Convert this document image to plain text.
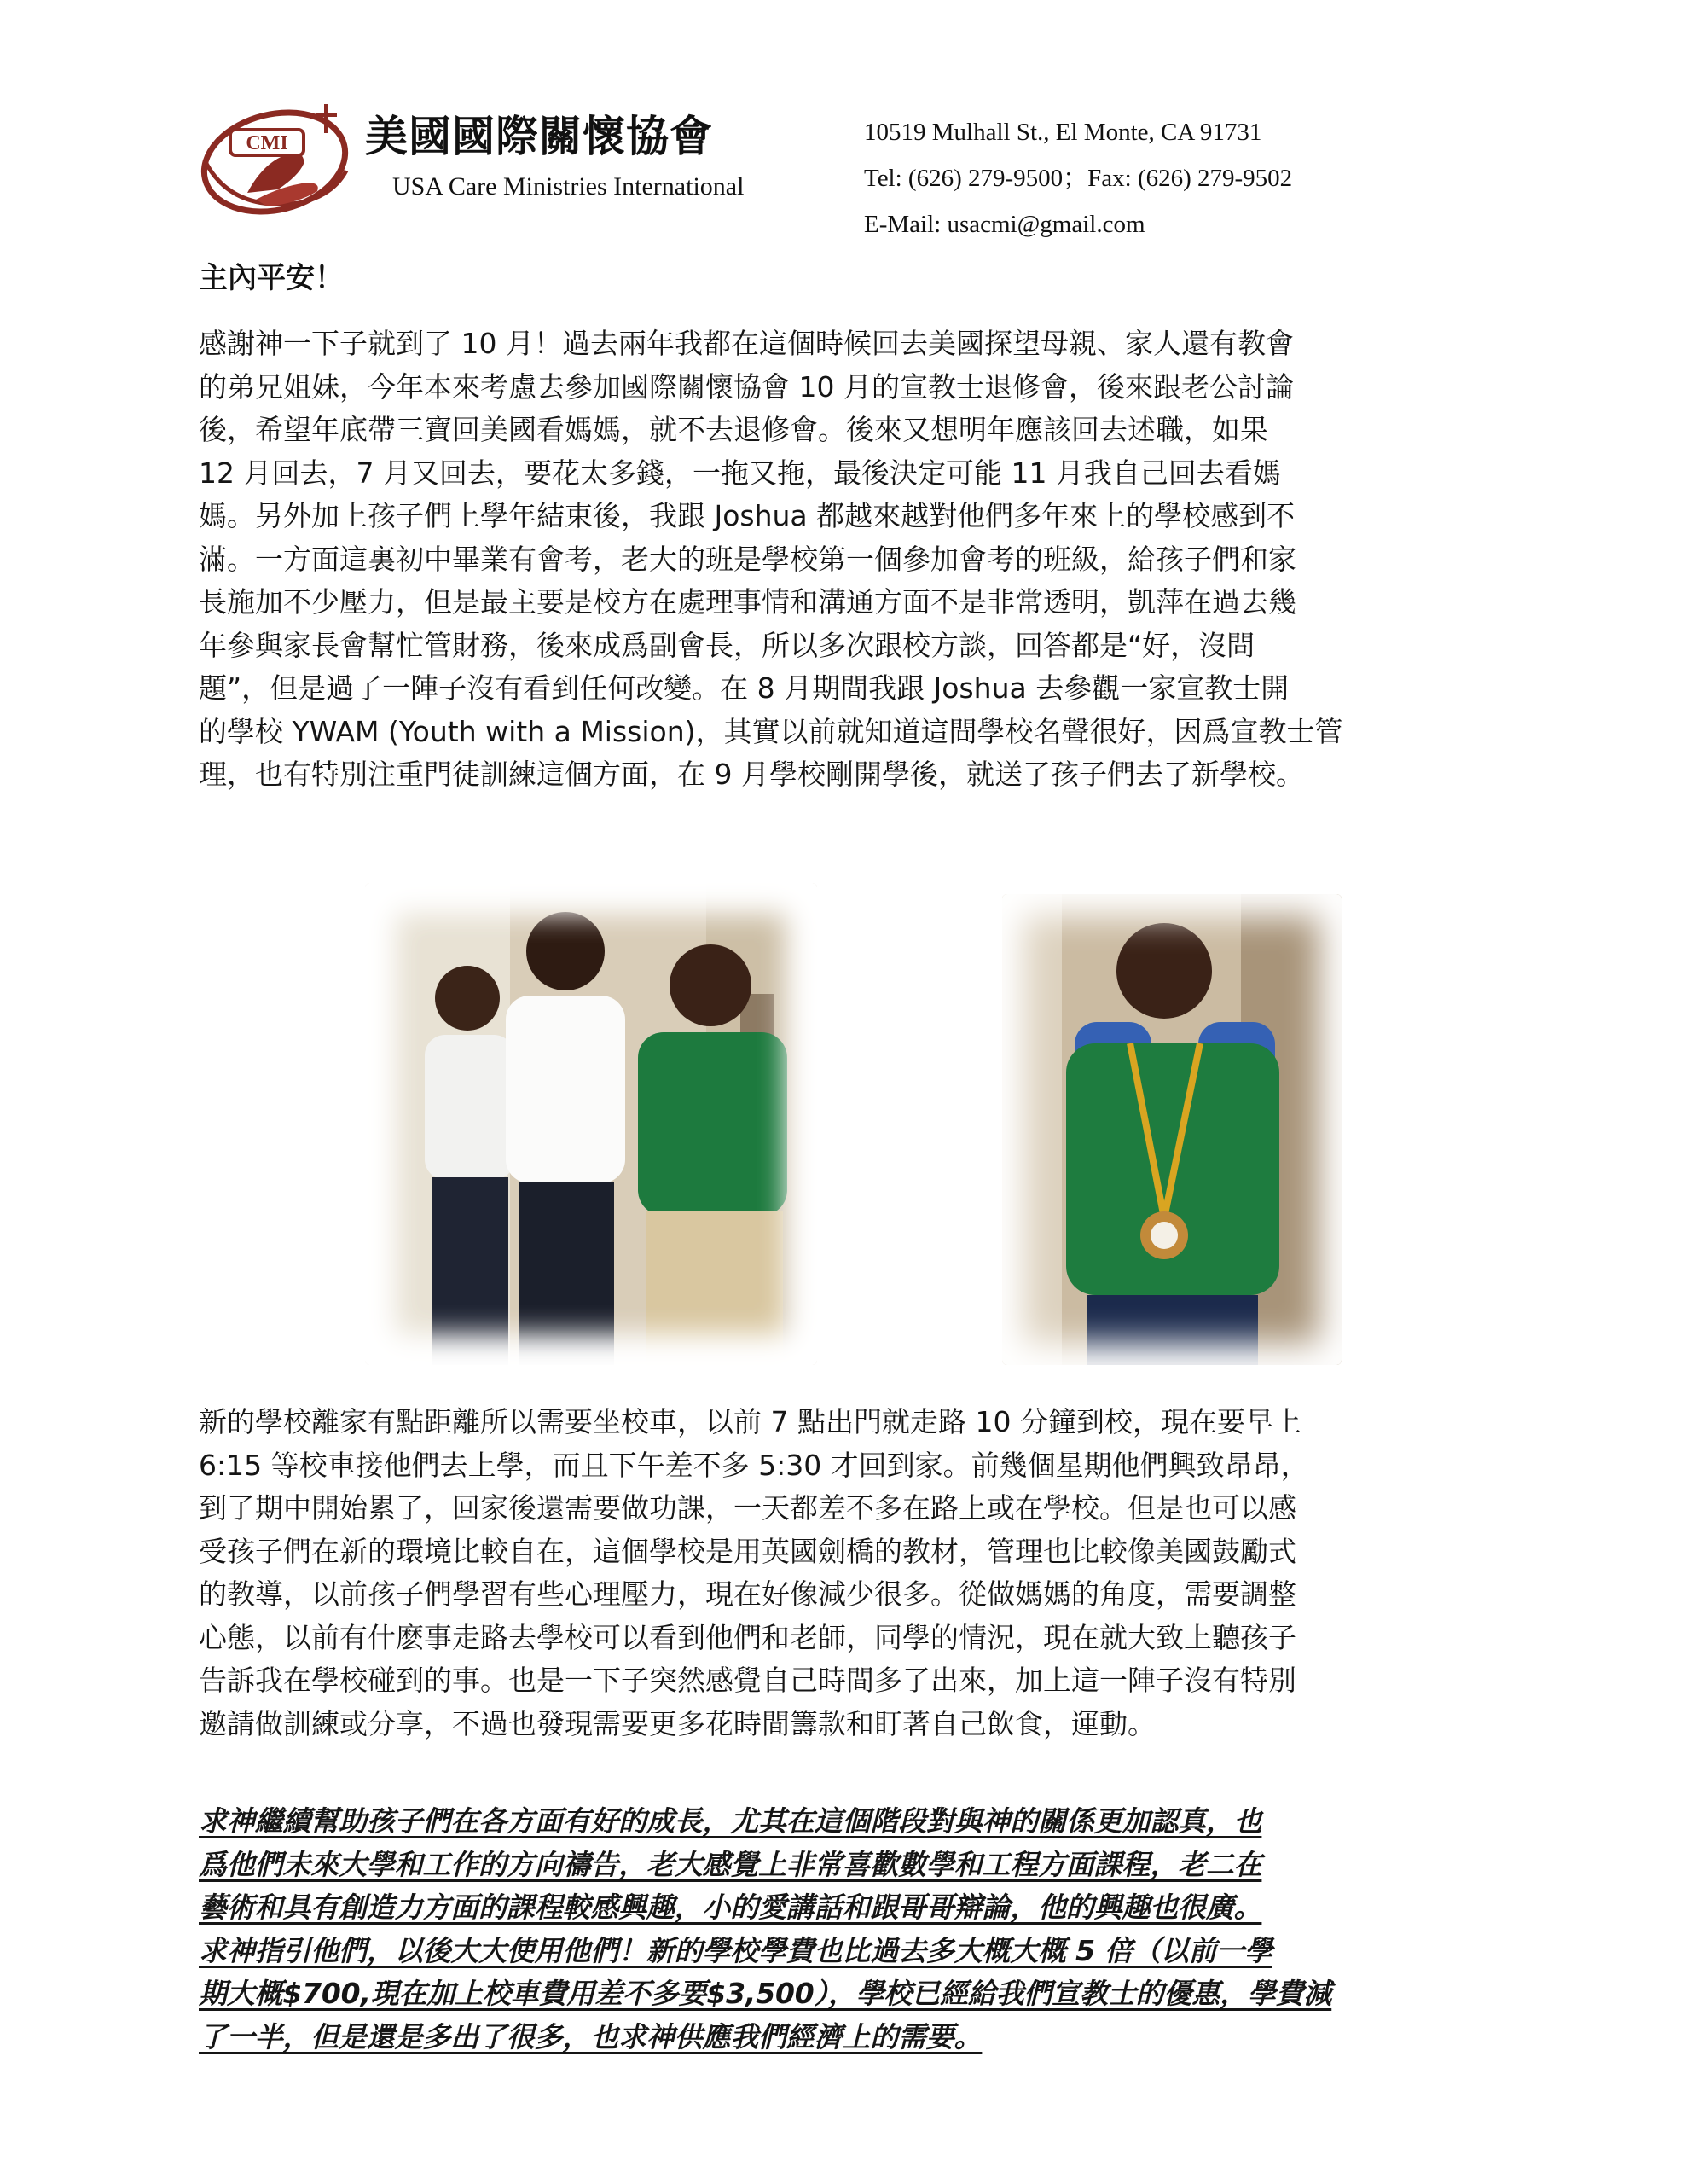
CMI 美國國際關懷協會
USA Care Ministries International
10519 Mulhall St., El Monte, CA 91731
Tel: (626) 279-9500；Fax: (626) 279-9502
E-Mail: usacmi@gmail.com
主內平安！
感謝神一下子就到了 10 月！過去兩年我都在這個時候回去美國探望母親、家人還有教會
的弟兄姐妹，今年本來考慮去參加國際關懷協會 10 月的宣教士退修會，後來跟老公討論
後，希望年底帶三寶回美國看媽媽，就不去退修會。後來又想明年應該回去述職，如果
12 月回去，7 月又回去，要花太多錢，一拖又拖，最後決定可能 11 月我自己回去看媽
媽。另外加上孩子們上學年結束後，我跟 Joshua 都越來越對他們多年來上的學校感到不
滿。一方面這裏初中畢業有會考，老大的班是學校第一個參加會考的班級，給孩子們和家
長施加不少壓力，但是最主要是校方在處理事情和溝通方面不是非常透明，凱萍在過去幾
年參與家長會幫忙管財務，後來成爲副會長，所以多次跟校方談，回答都是“好，沒問
題”，但是過了一陣子沒有看到任何改變。在 8 月期間我跟 Joshua 去參觀一家宣教士開
的學校 YWAM (Youth with a Mission)，其實以前就知道這間學校名聲很好，因爲宣教士管
理，也有特別注重門徒訓練這個方面，在 9 月學校剛開學後，就送了孩子們去了新學校。
新的學校離家有點距離所以需要坐校車，以前 7 點出門就走路 10 分鐘到校，現在要早上
6:15 等校車接他們去上學，而且下午差不多 5:30 才回到家。前幾個星期他們興致昂昂，
到了期中開始累了，回家後還需要做功課，一天都差不多在路上或在學校。但是也可以感
受孩子們在新的環境比較自在，這個學校是用英國劍橋的教材，管理也比較像美國鼓勵式
的教導，以前孩子們學習有些心理壓力，現在好像減少很多。從做媽媽的角度，需要調整
心態，以前有什麽事走路去學校可以看到他們和老師，同學的情況，現在就大致上聽孩子
告訴我在學校碰到的事。也是一下子突然感覺自己時間多了出來，加上這一陣子沒有特別
邀請做訓練或分享，不過也發現需要更多花時間籌款和盯著自己飲食，運動。
求神繼續幫助孩子們在各方面有好的成長，尤其在這個階段對與神的關係更加認真，也
爲他們未來大學和工作的方向禱告，老大感覺上非常喜歡數學和工程方面課程，老二在
藝術和具有創造力方面的課程較感興趣，小的愛講話和跟哥哥辯論，他的興趣也很廣。
求神指引他們，以後大大使用他們！新的學校學費也比過去多大概大概 5 倍（以前一學
期大概$700,現在加上校車費用差不多要$3,500），學校已經給我們宣教士的優惠，學費減
了一半，但是還是多出了很多，也求神供應我們經濟上的需要。
